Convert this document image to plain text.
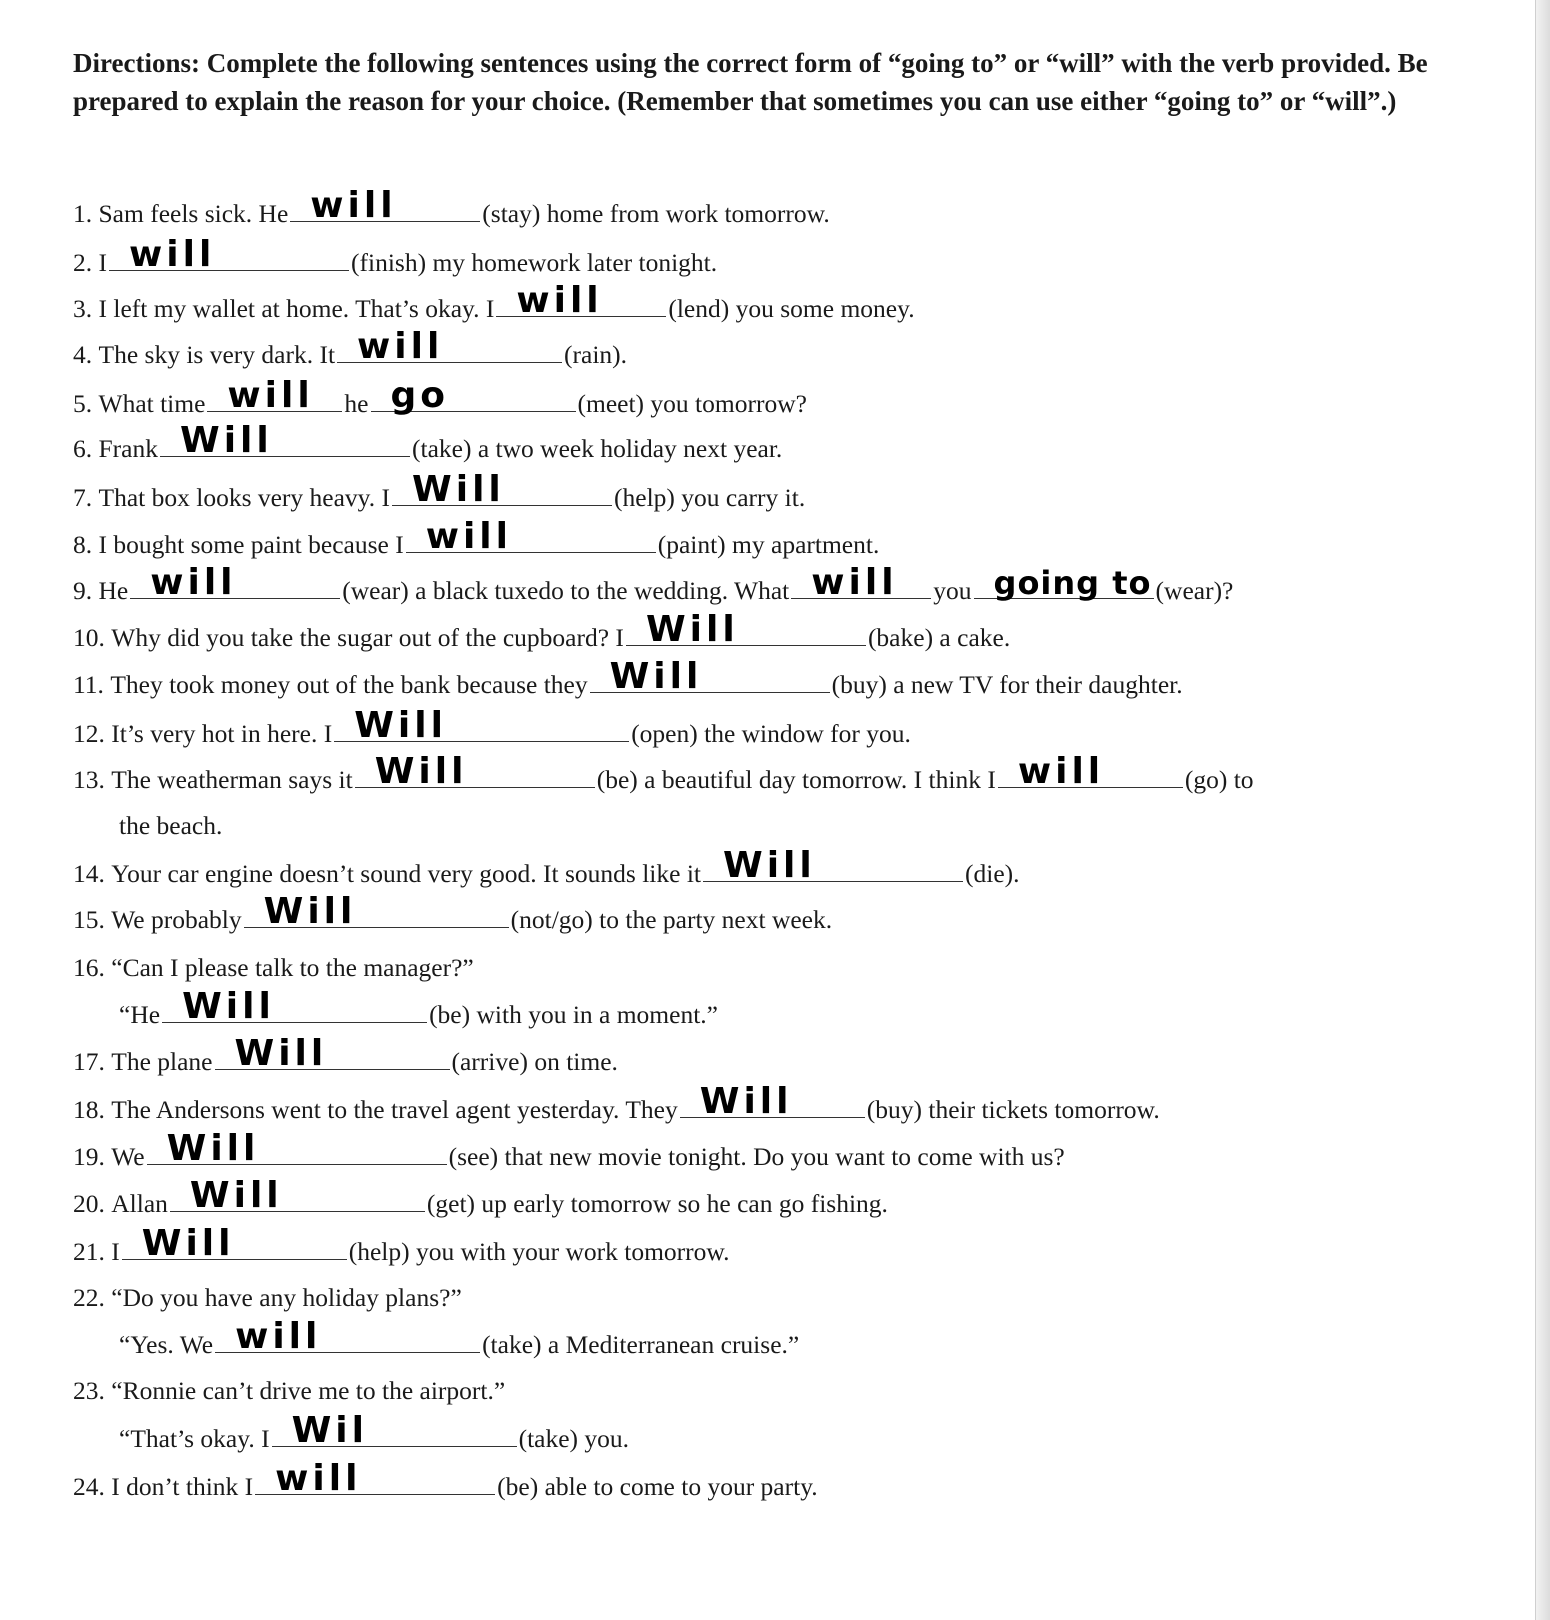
Directions: Complete the following sentences using the correct form of “going to” or “will” with the verb provided. Be prepared to explain the reason for your choice. (Remember that sometimes you can use either “going to” or “will”.)

1. Sam feels sick. He will	(stay) home from work tomorrow.
2. I will	(finish) my homework later tonight.
3. I left my wallet at home. That’s okay. I will	(lend) you some money.
4. The sky is very dark. It will	(rain).
5. What time will he go	(meet) you tomorrow?
6. Frank Will	(take) a two week holiday next year.
7. That box looks very heavy. I Will	(help) you carry it.
8. I bought some paint because I will	(paint) my apartment.
9. He will	(wear) a black tuxedo to the wedding. What will you going to (wear)?
10. Why did you take the sugar out of the cupboard? I Will	(bake) a cake.
11. They took money out of the bank because they Will	(buy) a new TV for their daughter.
12. It’s very hot in here. I Will	(open) the window for you.
13. The weatherman says it Will	(be) a beautiful day tomorrow. I think I will	(go) to
the beach.
14. Your car engine doesn’t sound very good. It sounds like it Will	(die).
15. We probably Will	(not/go) to the party next week.
16. “Can I please talk to the manager?”
“He Will	(be) with you in a moment.”
17. The plane Will	(arrive) on time.
18. The Andersons went to the travel agent yesterday. They Will	(buy) their tickets tomorrow.
19. We Will	(see) that new movie tonight. Do you want to come with us?
20. Allan Will	(get) up early tomorrow so he can go fishing.
21. I Will	(help) you with your work tomorrow.
22. “Do you have any holiday plans?”
“Yes. We will	(take) a Mediterranean cruise.”
23. “Ronnie can’t drive me to the airport.”
“That’s okay. I Wil	(take) you.
24. I don’t think I will	(be) able to come to your party.
